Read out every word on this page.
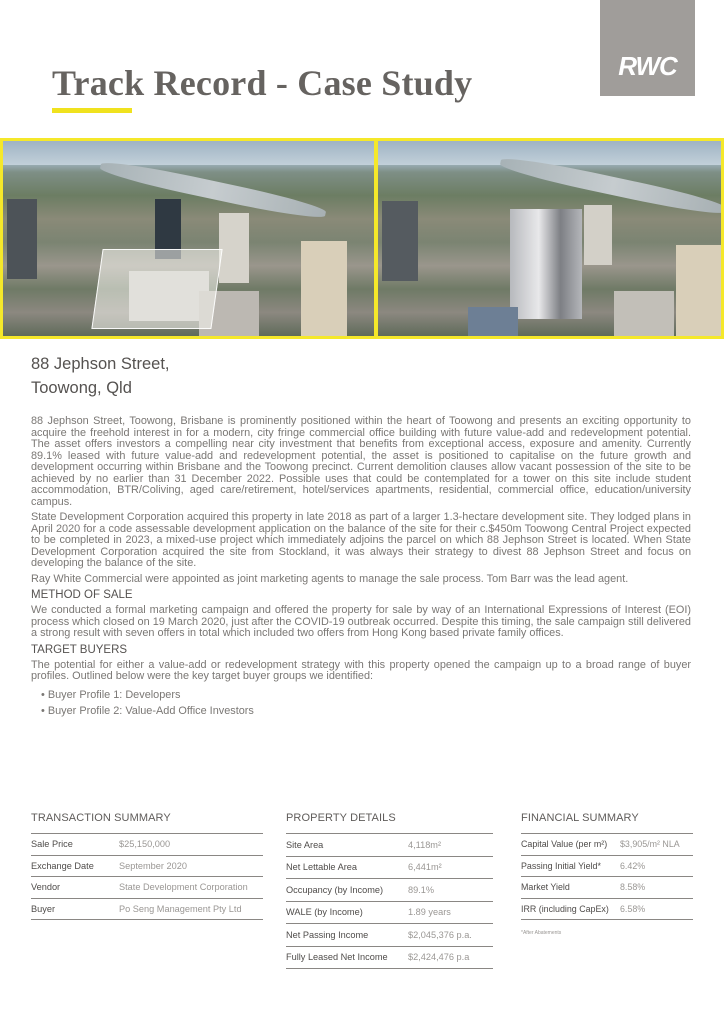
RWC
Track Record - Case Study
88 Jephson Street,
Toowong, Qld

88 Jephson Street, Toowong, Brisbane is prominently positioned within the heart of Toowong and presents an exciting opportunity to acquire the freehold interest in for a modern, city fringe commercial office building with future value-add and redevelopment potential. The asset offers investors a compelling near city investment that benefits from exceptional access, exposure and amenity. Currently 89.1% leased with future value-add and redevelopment potential, the asset is positioned to capitalise on the future growth and development occurring within Brisbane and the Toowong precinct. Current demolition clauses allow vacant possession of the site to be achieved by no earlier than 31 December 2022. Possible uses that could be contemplated for a tower on this site include student accommodation, BTR/Coliving, aged care/retirement, hotel/services apartments, residential, commercial office, education/university campus.

State Development Corporation acquired this property in late 2018 as part of a larger 1.3-hectare development site. They lodged plans in April 2020 for a code assessable development application on the balance of the site for their c.$450m Toowong Central Project expected to be completed in 2023, a mixed-use project which immediately adjoins the parcel on which 88 Jephson Street is located. When State Development Corporation acquired the site from Stockland, it was always their strategy to divest 88 Jephson Street and focus on developing the balance of the site.

Ray White Commercial were appointed as joint marketing agents to manage the sale process. Tom Barr was the lead agent.

METHOD OF SALE

We conducted a formal marketing campaign and offered the property for sale by way of an International Expressions of Interest (EOI) process which closed on 19 March 2020, just after the COVID-19 outbreak occurred. Despite this timing, the sale campaign still delivered a strong result with seven offers in total which included two offers from Hong Kong based private family offices.

TARGET BUYERS

The potential for either a value-add or redevelopment strategy with this property opened the campaign up to a broad range of buyer profiles. Outlined below were the key target buyer groups we identified:

• Buyer Profile 1: Developers
• Buyer Profile 2: Value-Add Office Investors
TRANSACTION SUMMARY
Sale Price	$25,150,000
Exchange Date	September 2020
Vendor	State Development Corporation
Buyer	Po Seng Management Pty Ltd
PROPERTY DETAILS
Site Area	4,118m²
Net Lettable Area	6,441m²
Occupancy (by Income)	89.1%
WALE (by Income)	1.89 years
Net Passing Income	$2,045,376 p.a.
Fully Leased Net Income	$2,424,476 p.a
FINANCIAL SUMMARY
Capital Value (per m²)	$3,905/m² NLA
Passing Initial Yield*	6.42%
Market Yield	8.58%
IRR (including CapEx)	6.58%
*After Abatements
